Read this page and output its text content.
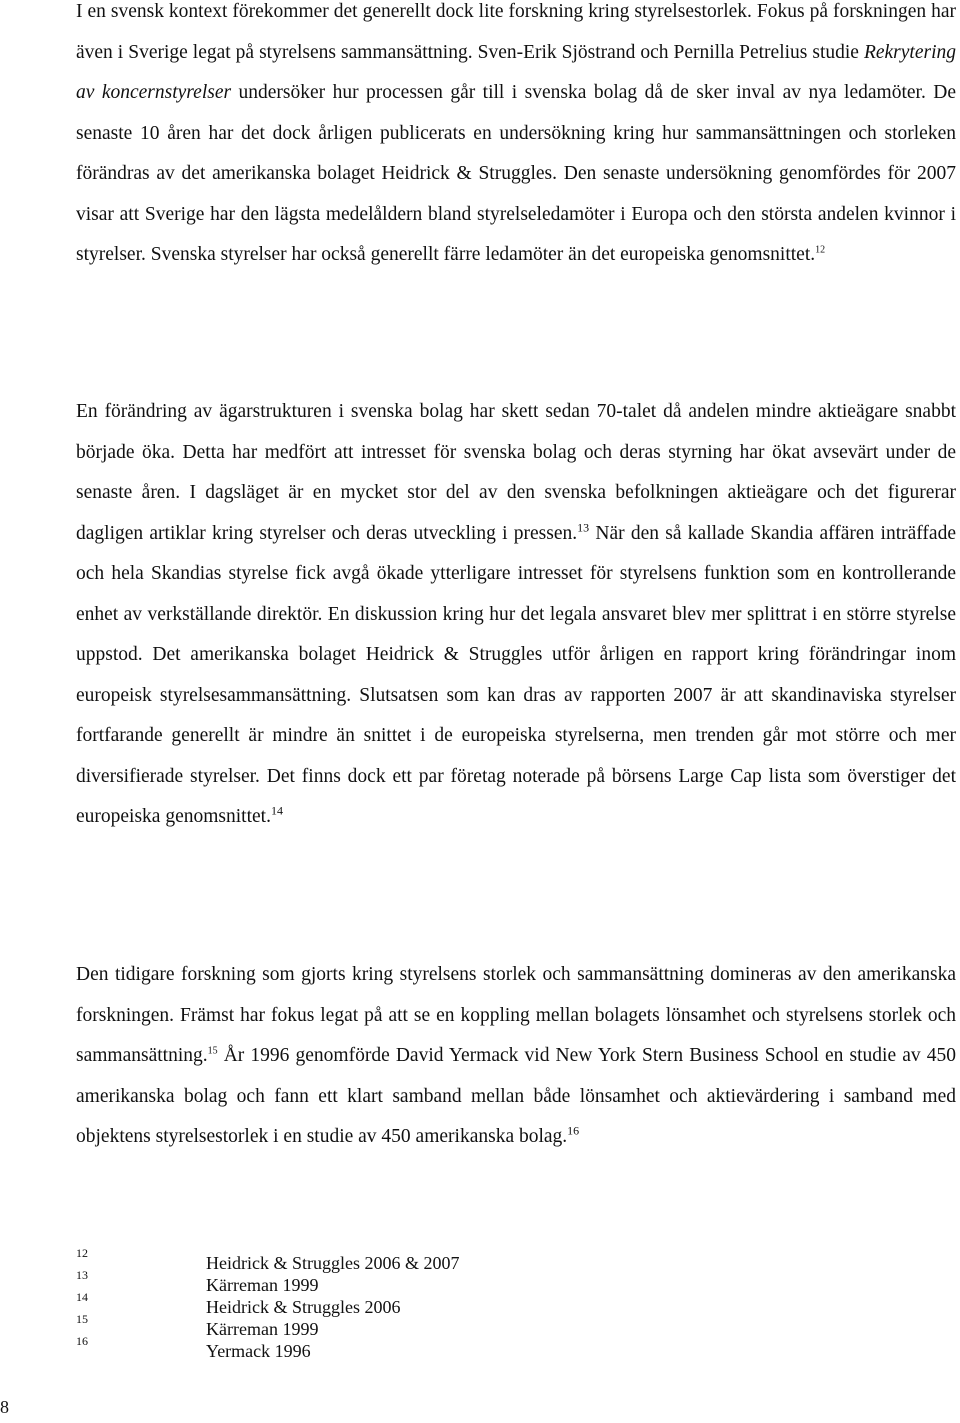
I en svensk kontext förekommer det generellt dock lite forskning kring styrelsestorlek. Fokus på forskningen har även i Sverige legat på styrelsens sammansättning. Sven-Erik Sjöstrand och Pernilla Petrelius studie Rekrytering av koncernstyrelser undersöker hur processen går till i svenska bolag då de sker inval av nya ledamöter. De senaste 10 åren har det dock årligen publicerats en undersökning kring hur sammansättningen och storleken förändras av det amerikanska bolaget Heidrick & Struggles. Den senaste undersökning genomfördes för 2007 visar att Sverige har den lägsta medelåldern bland styrelseledamöter i Europa och den största andelen kvinnor i styrelser. Svenska styrelser har också generellt färre ledamöter än det europeiska genomsnittet.$^{12}$

En förändring av ägarstrukturen i svenska bolag har skett sedan 70-talet då andelen mindre aktieägare snabbt började öka. Detta har medfört att intresset för svenska bolag och deras styrning har ökat avsevärt under de senaste åren. I dagsläget är en mycket stor del av den svenska befolkningen aktieägare och det figurerar dagligen artiklar kring styrelser och deras utveckling i pressen.$^{13}$ När den så kallade Skandia affären inträffade och hela Skandias styrelse fick avgå ökade ytterligare intresset för styrelsens funktion som en kontrollerande enhet av verkställande direktör. En diskussion kring hur det legala ansvaret blev mer splittrat i en större styrelse uppstod. Det amerikanska bolaget Heidrick & Struggles utför årligen en rapport kring förändringar inom europeisk styrelsesammansättning. Slutsatsen som kan dras av rapporten 2007 är att skandinaviska styrelser fortfarande generellt är mindre än snittet i de europeiska styrelserna, men trenden går mot större och mer diversifierade styrelser. Det finns dock ett par företag noterade på börsens Large Cap lista som överstiger det europeiska genomsnittet.$^{14}$

Den tidigare forskning som gjorts kring styrelsens storlek och sammansättning domineras av den amerikanska forskningen. Främst har fokus legat på att se en koppling mellan bolagets lönsamhet och styrelsens storlek och sammansättning.$^{15}$ År 1996 genomförde David Yermack vid New York Stern Business School en studie av 450 amerikanska bolag och fann ett klart samband mellan både lönsamhet och aktievärdering i samband med objektens styrelsestorlek i en studie av 450 amerikanska bolag.$^{16}$

12	Heidrick & Struggles 2006 & 2007
13	Kärreman 1999
14	Heidrick & Struggles 2006
15	Kärreman 1999
16	Yermack 1996
8
